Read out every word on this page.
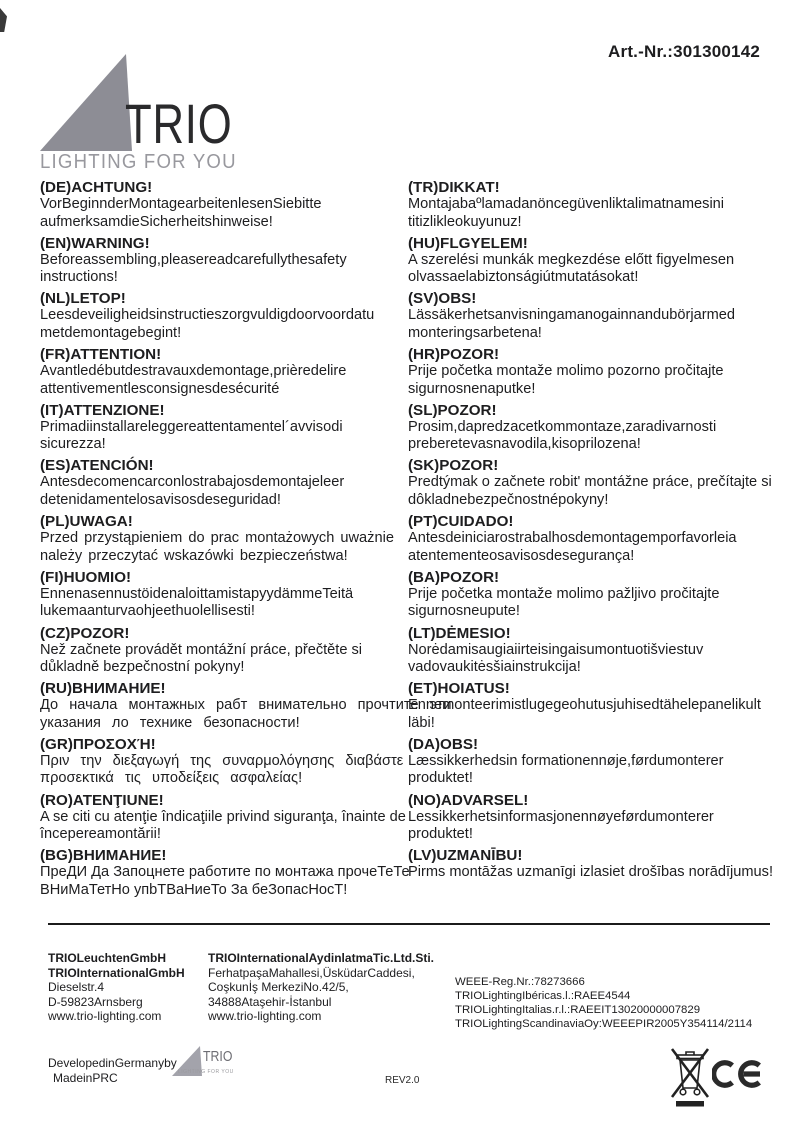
Art.-Nr.:301300142
TRIO
LIGHTING FOR YOU
(DE)ACHTUNG!
VorBeginnderMontagearbeitenlesenSiebitte
aufmerksamdieSicherheitshinweise!
(TR)DIKKAT!
Montajabaºlamadanöncegüvenliktalimatnamesini
titizlikleokuyunuz!
(EN)WARNING!
Beforeassembling,pleasereadcarefullythesafety
instructions!
(HU)FLGYELEM!
A szerelési munkák megkezdése előtt figyelmesen
olvassaelabiztonságiútmutatásokat!
(NL)LETOP!
Leesdeveiligheidsinstructieszorgvuldigdoorvoordatu
metdemontagebegint!
(SV)OBS!
Lässäkerhetsanvisningamanogainnandubörjarmed
monteringsarbetena!
(FR)ATTENTION!
Avantledébutdestravauxdemontage,prièredelire
attentivementlesconsignesdesécurité
(HR)POZOR!
Prije početka montaže molimo pozorno pročitajte
sigurnosnenaputke!
(IT)ATTENZIONE!
Primadiinstallareleggereattentamentel´avvisodi
sicurezza!
(SL)POZOR!
Prosim,dapredzacetkommontaze,zaradivarnosti
preberetevasnavodila,kisoprilozena!
(ES)ATENCIÓN!
Antesdecomencarconlostrabajosdemontajeleer
detenidamentelosavisosdeseguridad!
(SK)POZOR!
Predtýmak o začnete robit' montážne práce, prečítajte si
dôkladnebezpečnostnépokyny!
(PL)UWAGA!
Przed przystąpieniem do prac montażowych uważnie
należy przeczytać wskazówki bezpieczeństwa!
(PT)CUIDADO!
Antesdeiniciarostrabalhosdemontagemporfavorleia
atentementeosavisosdesegurança!
(FI)HUOMIO!
EnnenasennustöidenaloittamistapyydämmeTeitä
lukemaanturvaohjeethuolellisesti!
(BA)POZOR!
Prije početka montaže molimo pažljivo pročitajte
sigurnosneupute!
(CZ)POZOR!
Než začnete provádět montážní práce, přečtěte si
důkladně bezpečnostní pokyny!
(LT)DĖMESIO!
Norėdamisaugiaiirteisingaisumontuotišviestuv
vadovaukitėsšiainstrukcija!
(RU)ВНИМАНИЕ!
До начала монтажных рабт внимательно прочтите эти
указания ло технике безопасности!
(ET)HOIATUS!
Ennemonteerimistlugegeohutusjuhisedtähelepanelikult
läbi!
(GR)ΠΡΟΣΟΧΉ!
Πριν την διεξαγωγή της συναρμολόγησης διαβάστε
προσεκτικά τις υποδείξεις ασφαλείας!
(DA)OBS!
Læssikkerhedsin formationennøje,førdumonterer
produktet!
(RO)ATENŢIUNE!
A se citi cu atenţie îndicaţiile privind siguranţa, înainte de
începereamontării!
(NO)ADVARSEL!
Lessikkerhetsinformasjonennøyeførdumonterer
produktet!
(BG)ВНИМАНИЕ!
ПреДИ Да Запоцнете работите по монтажа прочеТеТе
ВНиМаТетНо упbТВаНиеТо За беЗопасНосТ!
(LV)UZMANĪBU!
Pirms montāžas uzmanīgi izlasiet drošības norādījumus!
TRIOLeuchtenGmbH
TRIOInternationalGmbH
Dieselstr.4
D-59823Arnsberg
www.trio-lighting.com
TRIOInternationalAydinlatmaTic.Ltd.Sti.
FerhatpaşaMahallesi,ÜsküdarCaddesi,
Coşkunİş MerkeziNo.42/5,
34888Ataşehir-İstanbul
www.trio-lighting.com
WEEE-Reg.Nr.:78273666
TRIOLightingIbéricas.l.:RAEE4544
TRIOLightingItalias.r.l.:RAEEIT13020000007829
TRIOLightingScandinaviaOy:WEEEPIR2005Y354114/2114
DevelopedinGermanyby
MadeinPRC
TRIO
LIGHTING FOR YOU
REV2.0
